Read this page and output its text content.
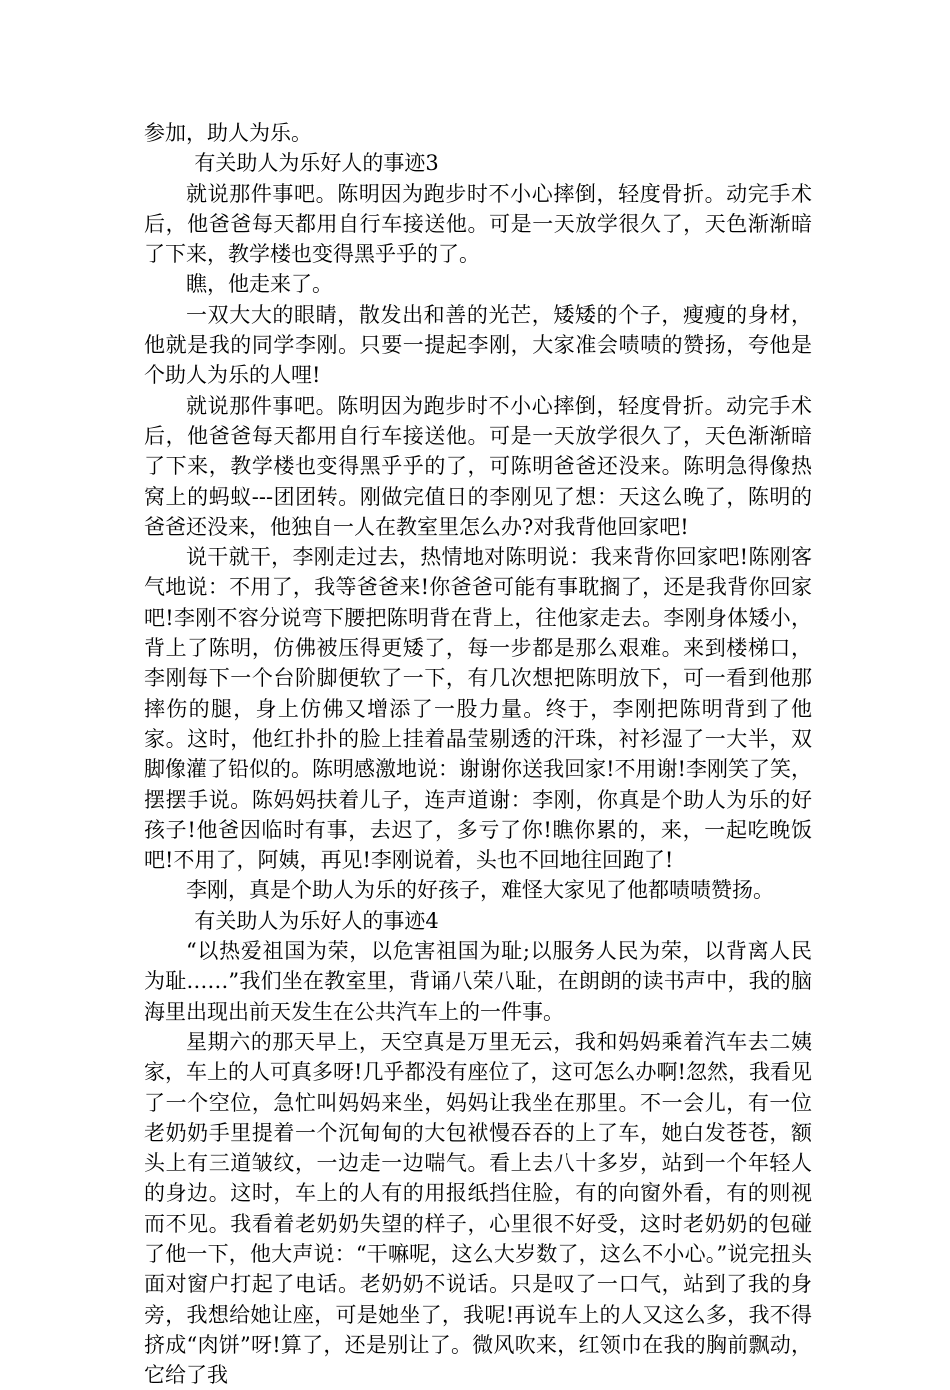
参加，助人为乐。

有关助人为乐好人的事迹3

就说那件事吧。陈明因为跑步时不小心摔倒，轻度骨折。动完手术后，他爸爸每天都用自行车接送他。可是一天放学很久了，天色渐渐暗了下来，教学楼也变得黑乎乎的了。

瞧，他走来了。

一双大大的眼睛，散发出和善的光芒，矮矮的个子，瘦瘦的身材，他就是我的同学李刚。只要一提起李刚，大家准会啧啧的赞扬，夸他是个助人为乐的人哩!

就说那件事吧。陈明因为跑步时不小心摔倒，轻度骨折。动完手术后，他爸爸每天都用自行车接送他。可是一天放学很久了，天色渐渐暗了下来，教学楼也变得黑乎乎的了，可陈明爸爸还没来。陈明急得像热窝上的蚂蚁---团团转。刚做完值日的李刚见了想：天这么晚了，陈明的爸爸还没来，他独自一人在教室里怎么办?对我背他回家吧!

说干就干，李刚走过去，热情地对陈明说：我来背你回家吧!陈刚客气地说：不用了，我等爸爸来!你爸爸可能有事耽搁了，还是我背你回家吧!李刚不容分说弯下腰把陈明背在背上，往他家走去。李刚身体矮小，背上了陈明，仿佛被压得更矮了，每一步都是那么艰难。来到楼梯口，李刚每下一个台阶脚便软了一下，有几次想把陈明放下，可一看到他那摔伤的腿，身上仿佛又增添了一股力量。终于，李刚把陈明背到了他家。这时，他红扑扑的脸上挂着晶莹剔透的汗珠，衬衫湿了一大半，双脚像灌了铅似的。陈明感激地说：谢谢你送我回家!不用谢!李刚笑了笑，摆摆手说。陈妈妈扶着儿子，连声道谢：李刚，你真是个助人为乐的好孩子!他爸因临时有事，去迟了，多亏了你!瞧你累的，来，一起吃晚饭吧!不用了，阿姨，再见!李刚说着，头也不回地往回跑了!

李刚，真是个助人为乐的好孩子，难怪大家见了他都啧啧赞扬。

有关助人为乐好人的事迹4

“以热爱祖国为荣，以危害祖国为耻;以服务人民为荣，以背离人民为耻……”我们坐在教室里，背诵八荣八耻，在朗朗的读书声中，我的脑海里出现出前天发生在公共汽车上的一件事。

星期六的那天早上，天空真是万里无云，我和妈妈乘着汽车去二姨家，车上的人可真多呀!几乎都没有座位了，这可怎么办啊!忽然，我看见了一个空位，急忙叫妈妈来坐，妈妈让我坐在那里。不一会儿，有一位老奶奶手里提着一个沉甸甸的大包袱慢吞吞的上了车，她白发苍苍，额头上有三道皱纹，一边走一边喘气。看上去八十多岁，站到一个年轻人的身边。这时，车上的人有的用报纸挡住脸，有的向窗外看，有的则视而不见。我看着老奶奶失望的样子，心里很不好受，这时老奶奶的包碰了他一下，他大声说：“干嘛呢，这么大岁数了，这么不小心。”说完扭头面对窗户打起了电话。老奶奶不说话。只是叹了一口气，站到了我的身旁，我想给她让座，可是她坐了，我呢!再说车上的人又这么多，我不得挤成“肉饼”呀!算了，还是别让了。微风吹来，红领巾在我的胸前飘动，它给了我
